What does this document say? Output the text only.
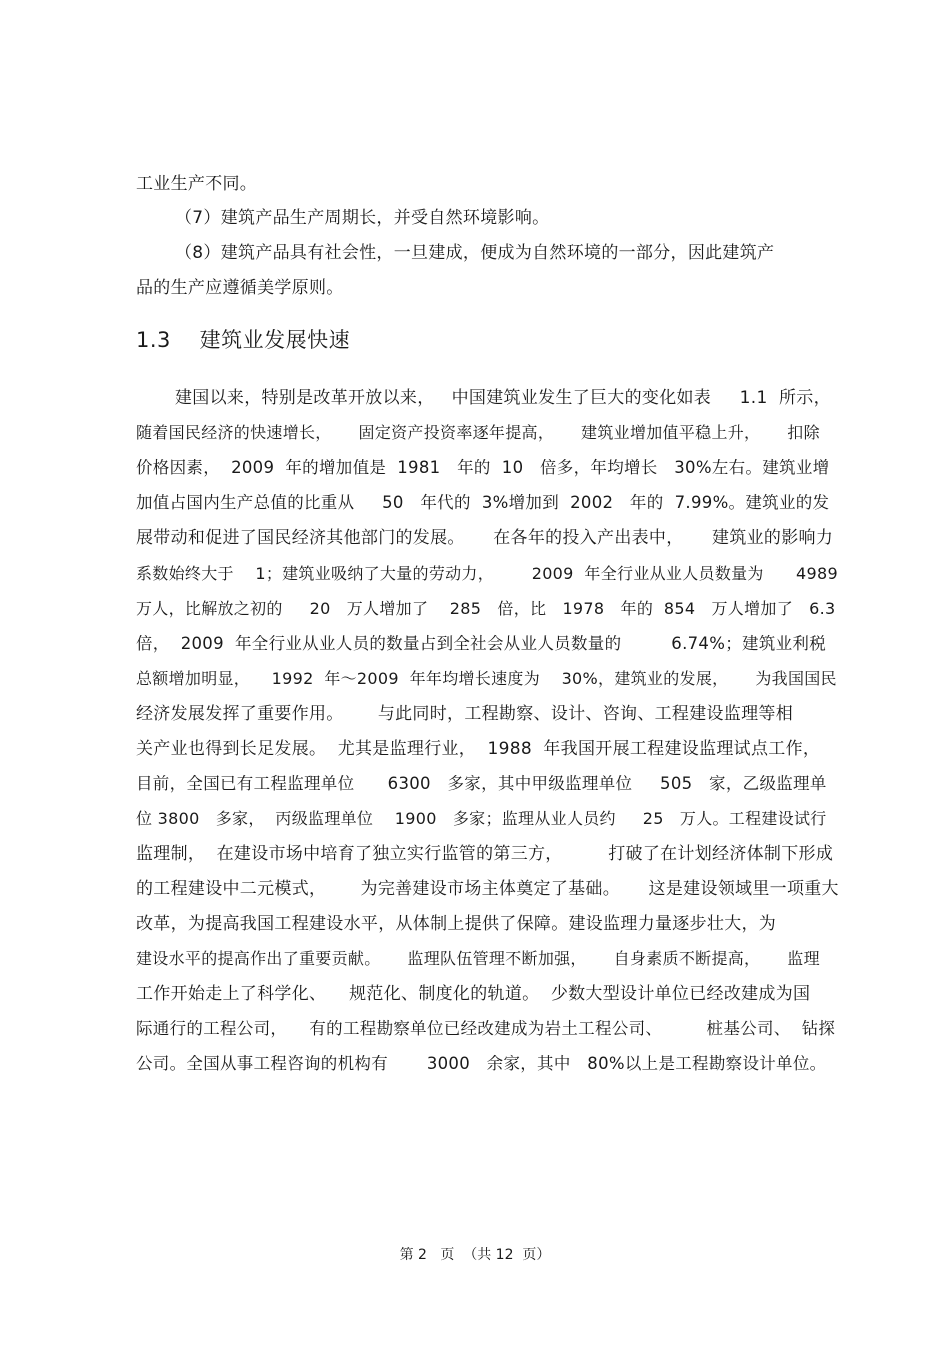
工业生产不同。
（7）建筑产品生产周期长，并受自然环境影响。
（8）建筑产品具有社会性，一旦建成，便成为自然环境的一部分，因此建筑产
品的生产应遵循美学原则。
1.3    建筑业发展快速
建国以来，特别是改革开放以来，   中国建筑业发生了巨大的变化如表     1.1  所示，
随着国民经济的快速增长，     固定资产投资率逐年提高，     建筑业增加值平稳上升，     扣除
价格因素，  2009  年的增加值是  1981   年的  10   倍多，年均增长   30%左右。建筑业增
加值占国内生产总值的比重从     50   年代的  3%增加到  2002   年的  7.99%。建筑业的发
展带动和促进了国民经济其他部门的发展。     在各年的投入产出表中，     建筑业的影响力
系数始终大于    1；建筑业吸纳了大量的劳动力，       2009  年全行业从业人员数量为      4989
万人，比解放之初的     20   万人增加了    285   倍，比   1978   年的  854   万人增加了   6.3
倍，  2009  年全行业从业人员的数量占到全社会从业人员数量的         6.74%；建筑业利税
总额增加明显，    1992  年～2009  年年均增长速度为    30%，建筑业的发展，     为我国国民
经济发展发挥了重要作用。      与此同时，工程勘察、设计、咨询、工程建设监理等相
关产业也得到长足发展。  尤其是监理行业，  1988  年我国开展工程建设监理试点工作，
目前，全国已有工程监理单位      6300   多家，其中甲级监理单位     505   家，乙级监理单
位 3800   多家，  丙级监理单位    1900   多家；监理从业人员约     25   万人。工程建设试行
监理制，  在建设市场中培育了独立实行监管的第三方，        打破了在计划经济体制下形成
的工程建设中二元模式，      为完善建设市场主体奠定了基础。     这是建设领域里一项重大
改革，为提高我国工程建设水平，从体制上提供了保障。建设监理力量逐步壮大，为
建设水平的提高作出了重要贡献。     监理队伍管理不断加强，     自身素质不断提高，     监理
工作开始走上了科学化、    规范化、制度化的轨道。  少数大型设计单位已经改建成为国
际通行的工程公司，    有的工程勘察单位已经改建成为岩土工程公司、        桩基公司、  钻探
公司。全国从事工程咨询的机构有       3000   余家，其中   80%以上是工程勘察设计单位。
第 2   页  （共 12  页）
